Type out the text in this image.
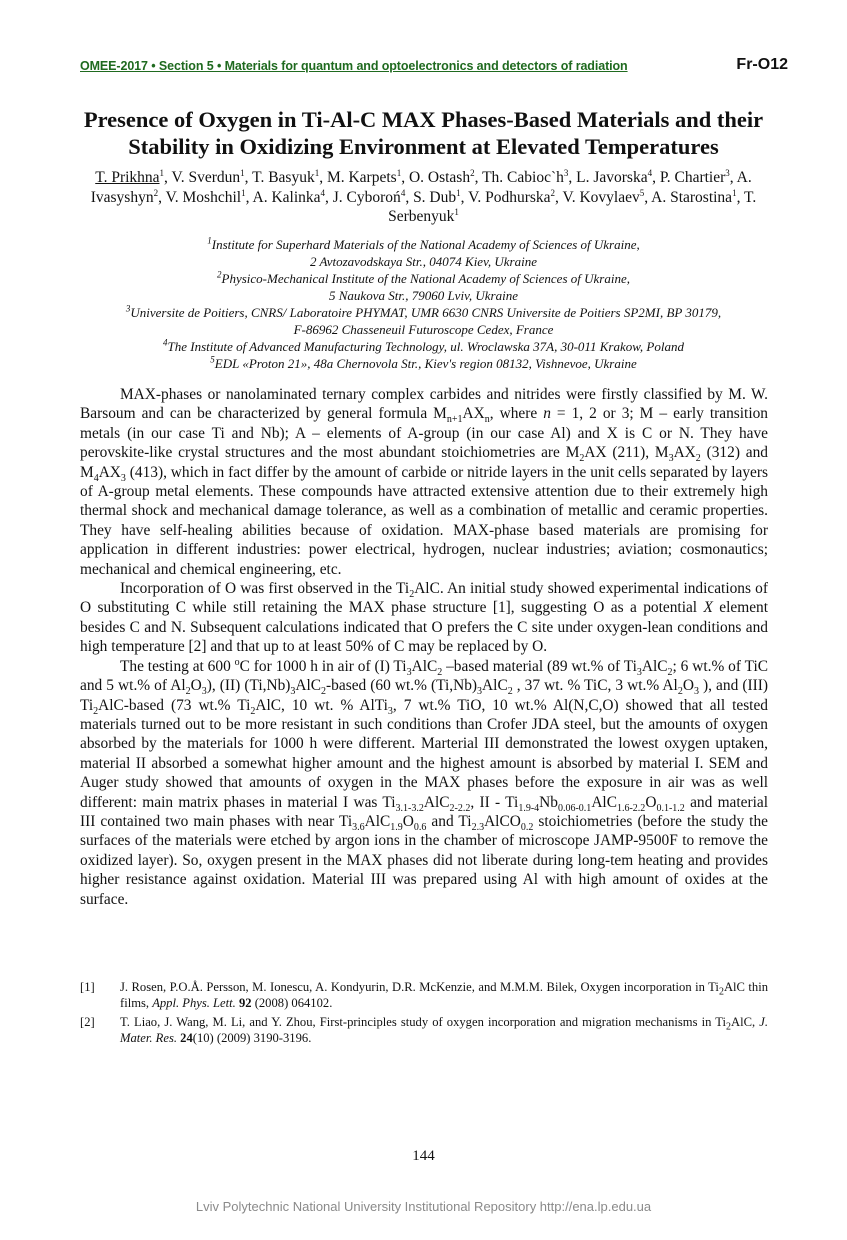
OMEE-2017 • Section 5 • Materials for quantum and optoelectronics and detectors of radiation	Fr-O12
Presence of Oxygen in Ti-Al-C MAX Phases-Based Materials and their Stability in Oxidizing Environment at Elevated Temperatures
T. Prikhna$^1$, V. Sverdun$^1$, T. Basyuk$^1$, M. Karpets$^1$, O. Ostash$^2$, Th. $Cabioc`h^3$, L. Javorska$^4$, P. Chartier$^3$, A. Ivasyshyn$^2$, V. Moshchil$^1$, A. Kalinka$^4$, J. Cyboroń$^4$, S. Dub$^1$, V. Podhurska$^2$, V. Kovylaev$^5$, A. Starostina$^1$, T. Serbenyuk$^1$
$^1$Institute for Superhard Materials of the National Academy of Sciences of Ukraine,
2 Avtozavodskaya Str., 04074 Kiev, Ukraine
$^2$Physico-Mechanical Institute of the National Academy of Sciences of Ukraine,
5 Naukova Str., 79060 Lviv, Ukraine
$^3$Universite de Poitiers, CNRS/ Laboratoire PHYMAT, UMR 6630 CNRS Universite de Poitiers SP2MI, BP 30179,
F-86962 Chasseneuil Futuroscope Cedex, France
$^4$The Institute of Advanced Manufacturing Technology, ul. Wroclawska 37A, 30-011 Krakow, Poland
$^5$EDL «Proton 21», 48a Chernovola Str., Kiev's region 08132, Vishnevoe, Ukraine

MAX-phases or nanolaminated ternary complex carbides and nitrides were firstly classified by M. W. Barsoum and can be characterized by general formula $M_{n+1}AX_n$, where n = 1, 2 or 3; M – early transition metals (in our case Ti and Nb); A – elements of A-group (in our case Al) and X is C or N. They have perovskite-like crystal structures and the most abundant stoichiometries are $M_2AX$ (211), $M_3AX_2$ (312) and $M_4AX_3$ (413), which in fact differ by the amount of carbide or nitride layers in the unit cells separated by layers of A-group metal elements. These compounds have attracted extensive attention due to their extremely high thermal shock and mechanical damage tolerance, as well as a combination of metallic and ceramic properties. They have self-healing abilities because of oxidation. MAX-phase based materials are promising for application in different industries: power electrical, hydrogen, nuclear industries; aviation; cosmonautics; mechanical and chemical engineering, etc.

Incorporation of O was first observed in the $Ti_2AlC$. An initial study showed experimental indications of O substituting C while still retaining the MAX phase structure [1], suggesting O as a potential X element besides C and N. Subsequent calculations indicated that O prefers the C site under oxygen-lean conditions and high temperature [2] and that up to at least 50% of C may be replaced by O.

The testing at 600 $^o$C for 1000 h in air of (I) $Ti_3AlC_2$ –based material (89 wt.% of $Ti_3AlC_2$; 6 wt.% of TiC and 5 wt.% of $Al_2O_3$), (II) $(Ti,Nb)_3AlC_2$-based (60 wt.% $(Ti,Nb)_3AlC_2$ , 37 wt. % TiC, 3 wt.% $Al_2O_3$ ), and (III) $Ti_2AlC$-based (73 wt.% $Ti_2AlC$, 10 wt. % AlTi$_3$, 7 wt.% TiO, 10 wt.% Al(N,C,O) showed that all tested materials turned out to be more resistant in such conditions than Crofer JDA steel, but the amounts of oxygen absorbed by the materials for 1000 h were different. Marterial III demonstrated the lowest oxygen uptaken, material II absorbed a somewhat higher amount and the highest amount is absorbed by material I. SEM and Auger study showed that amounts of oxygen in the MAX phases before the exposure in air was as well different: main matrix phases in material I was $Ti_{3.1-3.2}AlC_{2-2.2}$, II - $Ti_{1.9-4}Nb_{0.06-0.1}AlC_{1.6-2.2}O_{0.1-1.2}$ and material III contained two main phases with near $Ti_{3.6}AlC_{1.9}O_{0.6}$ and $Ti_{2.3}AlCO_{0.2}$ stoichiometries (before the study the surfaces of the materials were etched by argon ions in the chamber of microscope JAMP-9500F to remove the oxidized layer). So, oxygen present in the MAX phases did not liberate during long-tem heating and provides higher resistance against oxidation. Material III was prepared using Al with high amount of oxides at the surface.

[1]	J. Rosen, P.O.Å. Persson, M. Ionescu, A. Kondyurin, D.R. McKenzie, and M.M.M. Bilek, Oxygen incorporation in $Ti_2AlC$ thin films, Appl. Phys. Lett. 92 (2008) 064102.
[2]	T. Liao, J. Wang, M. Li, and Y. Zhou, First-principles study of oxygen incorporation and migration mechanisms in $Ti_2AlC$, J. Mater. Res. 24(10) (2009) 3190-3196.
144
Lviv Polytechnic National University Institutional Repository http://ena.lp.edu.ua
